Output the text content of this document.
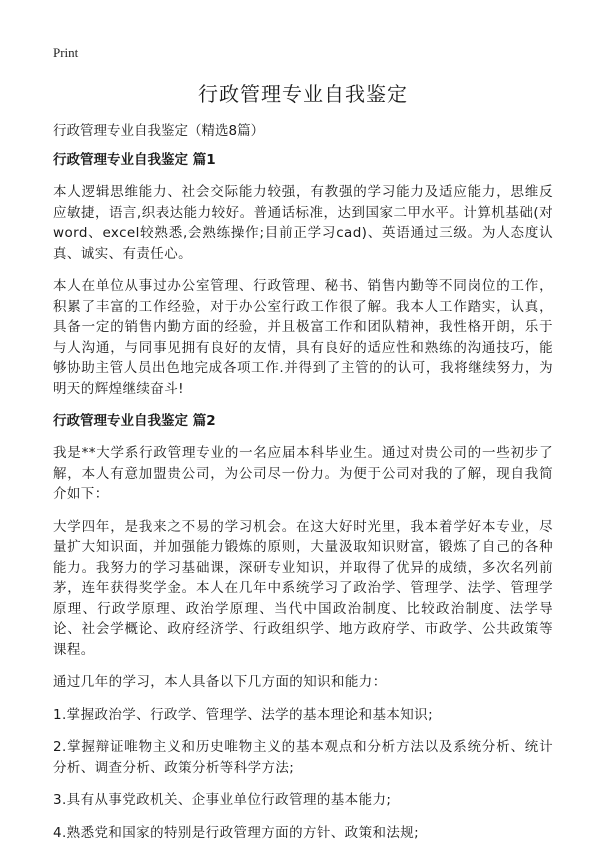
Print
行政管理专业自我鉴定

行政管理专业自我鉴定（精选8篇）

行政管理专业自我鉴定 篇1

本人逻辑思维能力、社会交际能力较强，有教强的学习能力及适应能力，思维反应敏捷，语言,织表达能力较好。普通话标准，达到国家二甲水平。计算机基础(对word、excel较熟悉,会熟练操作;目前正学习cad)、英语通过三级。为人态度认真、诚实、有责任心。

本人在单位从事过办公室管理、行政管理、秘书、销售内勤等不同岗位的工作，积累了丰富的工作经验，对于办公室行政工作很了解。我本人工作踏实，认真，具备一定的销售内勤方面的经验，并且极富工作和团队精神，我性格开朗，乐于与人沟通，与同事见拥有良好的友情，具有良好的适应性和熟练的沟通技巧，能够协助主管人员出色地完成各项工作.并得到了主管的的认可，我将继续努力，为明天的辉煌继续奋斗!

行政管理专业自我鉴定 篇2

我是**大学系行政管理专业的一名应届本科毕业生。通过对贵公司的一些初步了解，本人有意加盟贵公司，为公司尽一份力。为便于公司对我的了解，现自我简介如下：

大学四年，是我来之不易的学习机会。在这大好时光里，我本着学好本专业，尽量扩大知识面，并加强能力锻炼的原则，大量汲取知识财富，锻炼了自己的各种能力。我努力的学习基础课，深研专业知识，并取得了优异的成绩，多次名列前茅，连年获得奖学金。本人在几年中系统学习了政治学、管理学、法学、管理学原理、行政学原理、政治学原理、当代中国政治制度、比较政治制度、法学导论、社会学概论、政府经济学、行政组织学、地方政府学、市政学、公共政策等课程。

通过几年的学习，本人具备以下几方面的知识和能力：

1.掌握政治学、行政学、管理学、法学的基本理论和基本知识;

2.掌握辩证唯物主义和历史唯物主义的基本观点和分析方法以及系统分析、统计分析、调查分析、政策分析等科学方法;

3.具有从事党政机关、企事业单位行政管理的基本能力;

4.熟悉党和国家的特别是行政管理方面的方针、政策和法规;
